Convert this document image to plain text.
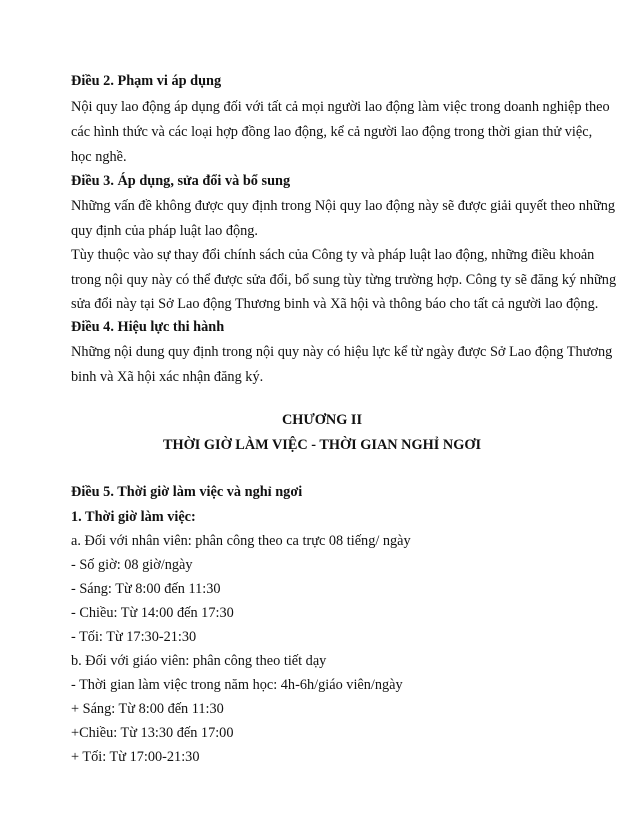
Điều 2. Phạm vi áp dụng
Nội quy lao động áp dụng đối với tất cả mọi người lao động làm việc trong doanh nghiệp theo
các hình thức và các loại hợp đồng lao động, kể cả người lao động trong thời gian thử việc,
học nghề.
Điều 3. Áp dụng, sửa đổi và bổ sung
Những vấn đề không được quy định trong Nội quy lao động này sẽ được giải quyết theo những
quy định của pháp luật lao động.
Tùy thuộc vào sự thay đổi chính sách của Công ty và pháp luật lao động, những điều khoản
trong nội quy này có thể được sửa đổi, bổ sung tùy từng trường hợp. Công ty sẽ đăng ký những
sửa đổi này tại Sở Lao động Thương binh và Xã hội và thông báo cho tất cả người lao động.
Điều 4. Hiệu lực thi hành
Những nội dung quy định trong nội quy này có hiệu lực kể từ ngày được Sở Lao động Thương
binh và Xã hội xác nhận đăng ký.
CHƯƠNG II
THỜI GIỜ LÀM VIỆC - THỜI GIAN NGHỈ NGƠI
Điều 5. Thời giờ làm việc và nghỉ ngơi
1. Thời giờ làm việc:
a. Đối với nhân viên: phân công theo ca trực 08 tiếng/ ngày
- Số giờ: 08 giờ/ngày
- Sáng: Từ 8:00 đến 11:30
- Chiều: Từ 14:00 đến 17:30
- Tối: Từ 17:30-21:30
b. Đối với giáo viên: phân công theo tiết dạy
- Thời gian làm việc trong năm học: 4h-6h/giáo viên/ngày
+ Sáng: Từ 8:00 đến 11:30
+Chiều: Từ 13:30 đến 17:00
+ Tối: Từ 17:00-21:30
